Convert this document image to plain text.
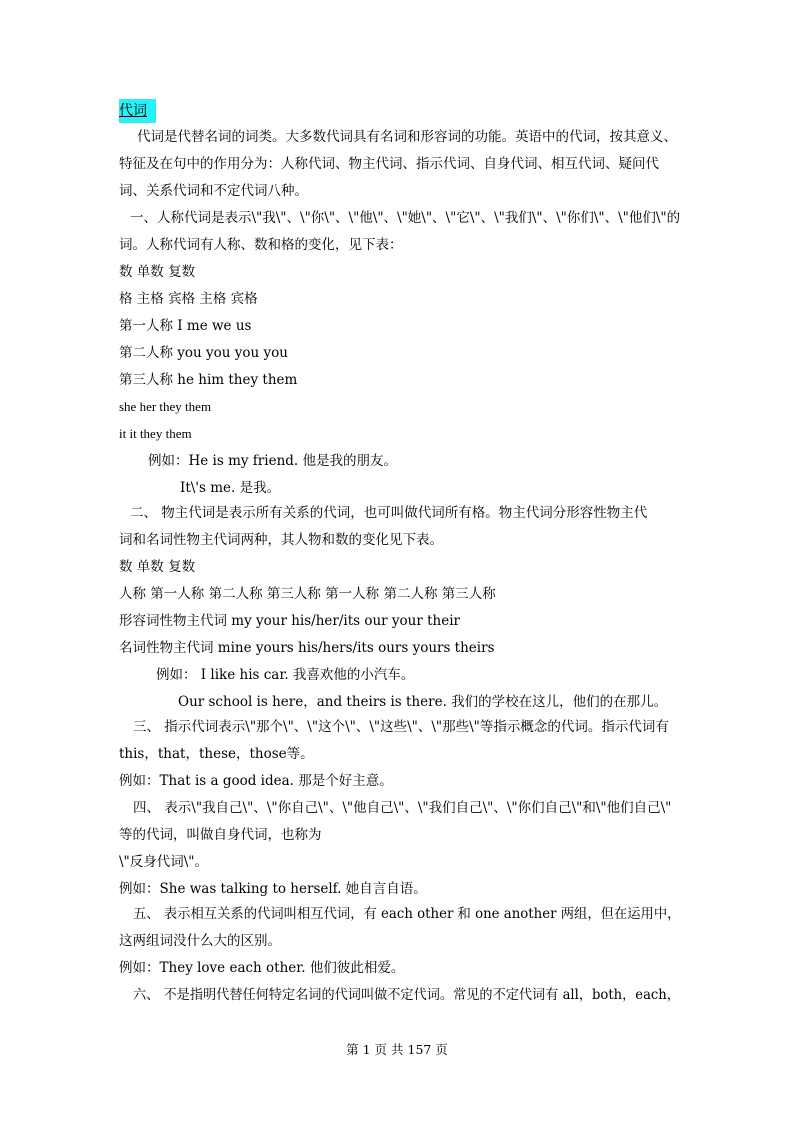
代词
代词是代替名词的词类。大多数代词具有名词和形容词的功能。英语中的代词，按其意义、
特征及在句中的作用分为：人称代词、物主代词、指示代词、自身代词、相互代词、疑问代
词、关系代词和不定代词八种。
一、人称代词是表示\"我\"、\"你\"、\"他\"、\"她\"、\"它\"、\"我们\"、\"你们\"、\"他们\"的
词。人称代词有人称、数和格的变化，见下表：
数 单数 复数
格 主格 宾格 主格 宾格
第一人称 I me we us
第二人称 you you you you
第三人称 he him they them
she her they them
it it they them
例如：He is my friend. 他是我的朋友。
It\'s me. 是我。
二、 物主代词是表示所有关系的代词，也可叫做代词所有格。物主代词分形容性物主代
词和名词性物主代词两种，其人物和数的变化见下表。
数 单数 复数
人称 第一人称 第二人称 第三人称 第一人称 第二人称 第三人称
形容词性物主代词 my your his/her/its our your their
名词性物主代词 mine yours his/hers/its ours yours theirs
例如： I like his car. 我喜欢他的小汽车。
Our school is here，and theirs is there. 我们的学校在这儿，他们的在那儿。
三、 指示代词表示\"那个\"、\"这个\"、\"这些\"、\"那些\"等指示概念的代词。指示代词有
this，that，these，those等。
例如：That is a good idea. 那是个好主意。
四、 表示\"我自己\"、\"你自己\"、\"他自己\"、\"我们自己\"、\"你们自己\"和\"他们自己\"
等的代词，叫做自身代词，也称为
\"反身代词\"。
例如：She was talking to herself. 她自言自语。
五、 表示相互关系的代词叫相互代词，有 each other 和 one another 两组，但在运用中，
这两组词没什么大的区别。
例如：They love each other. 他们彼此相爱。
六、 不是指明代替任何特定名词的代词叫做不定代词。常见的不定代词有 all，both，each，
第 1 页 共 157 页
